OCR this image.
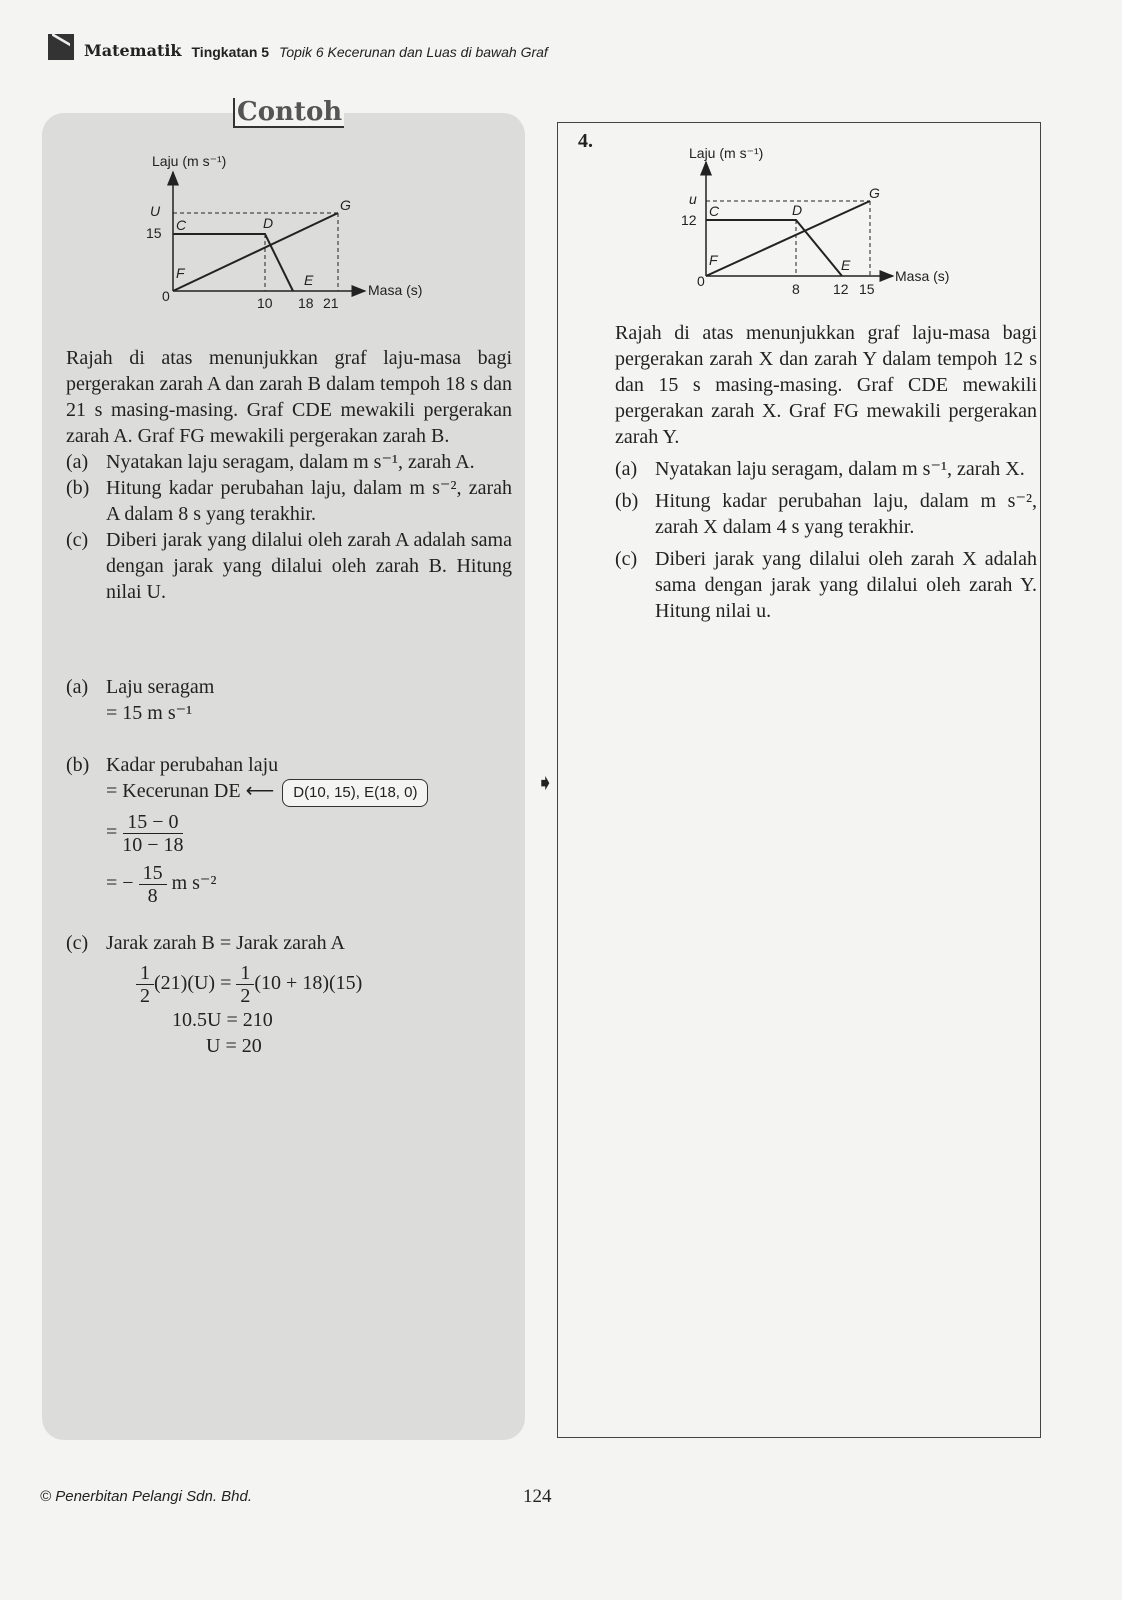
Matematik Tingkatan 5 Topik 6 Kecerunan dan Luas di bawah Graf
Contoh
Laju (m s⁻¹)
Masa (s)
U
15
0	10 18 21
C	D
E
F
G
Rajah di atas menunjukkan graf laju-masa bagi pergerakan zarah A dan zarah B dalam tempoh 18 s dan 21 s masing-masing. Graf CDE mewakili pergerakan zarah A. Graf FG mewakili pergerakan zarah B.
(a) Nyatakan laju seragam, dalam m s⁻¹, zarah A.
(b) Hitung kadar perubahan laju, dalam m s⁻², zarah A dalam 8 s yang terakhir.
(c) Diberi jarak yang dilalui oleh zarah A adalah sama dengan jarak yang dilalui oleh zarah B. Hitung nilai U.
(a) Laju seragam
= 15 m s⁻¹
(b) Kadar perubahan laju
= Kecerunan DE ⟵ D(10, 15), E(18, 0)
= $\frac{15 - 0}{10 - 18}$
= − $\frac{15}{8}$ m s⁻²
(c) Jarak zarah B = Jarak zarah A
$\frac{1}{2} (21)(U) = \frac{1}{2} (10 + 18)(15)$
10.5U = 210
U = 20
➧
4.
Laju (m s⁻¹)
Masa (s)
u
12
0	8 12 15
C	D
E
F
G
Rajah di atas menunjukkan graf laju-masa bagi pergerakan zarah X dan zarah Y dalam tempoh 12 s dan 15 s masing-masing. Graf CDE mewakili pergerakan zarah X. Graf FG mewakili pergerakan zarah Y.
(a) Nyatakan laju seragam, dalam m s⁻¹, zarah X.
(b) Hitung kadar perubahan laju, dalam m s⁻², zarah X dalam 4 s yang terakhir.
(c) Diberi jarak yang dilalui oleh zarah X adalah sama dengan jarak yang dilalui oleh zarah Y. Hitung nilai u.
© Penerbitan Pelangi Sdn. Bhd.	124
